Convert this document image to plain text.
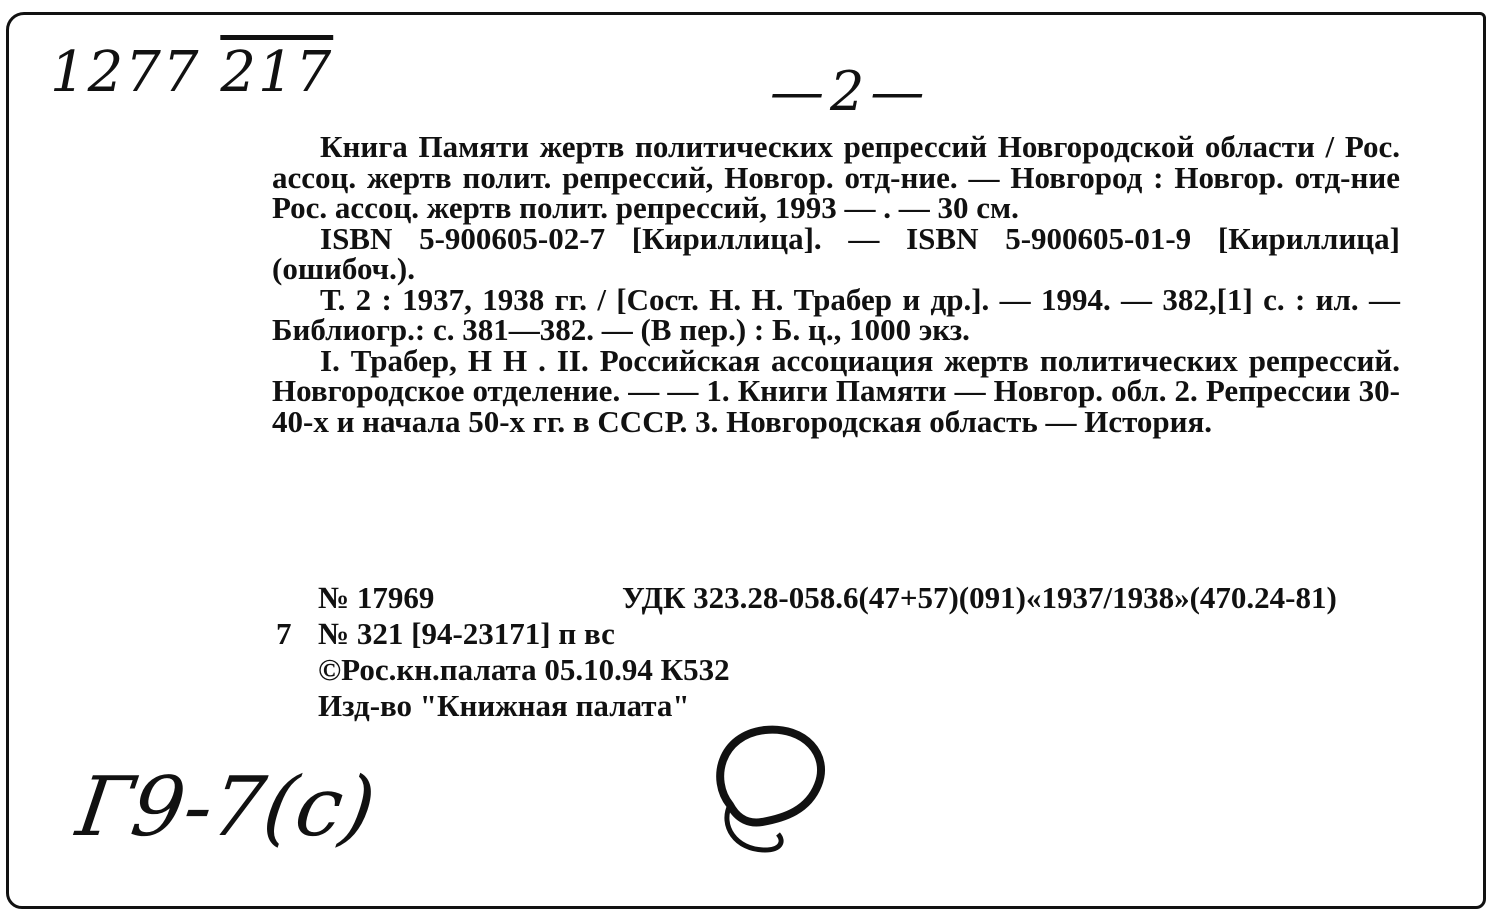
1277 217	—2—

Книга Памяти жертв политических репрессий Новгородской области / Рос. ассоц. жертв полит. репрессий, Новгор. отд-ние. — Новгород : Новгор. отд-ние Рос. ассоц. жертв полит. репрессий, 1993 — . — 30 см.

ISBN 5-900605-02-7 [Кириллица]. — ISBN 5-900605-01-9 [Кириллица] (ошибоч.).

Т. 2 : 1937, 1938 гг. / [Сост. Н. Н. Трабер и др.]. — 1994. — 382,[1] с. : ил. — Библиогр.: с. 381—382. — (В пер.) : Б. ц., 1000 экз.

I. Трабер, Н Н . II. Российская ассоциация жертв политических репрессий. Новгородское отделение. — — 1. Книги Памяти — Новгор. обл. 2. Репрессии 30-40-х и начала 50-х гг. в СССР. 3. Новгородская область — История.

№ 17969	УДК 323.28-058.6(47+57)(091)«1937/1938»(470.24-81)
7 № 321 [94-23171] п вс
©Рос.кн.палата 05.10.94 К532
Изд-во "Книжная палата"
Г9-7(с)
